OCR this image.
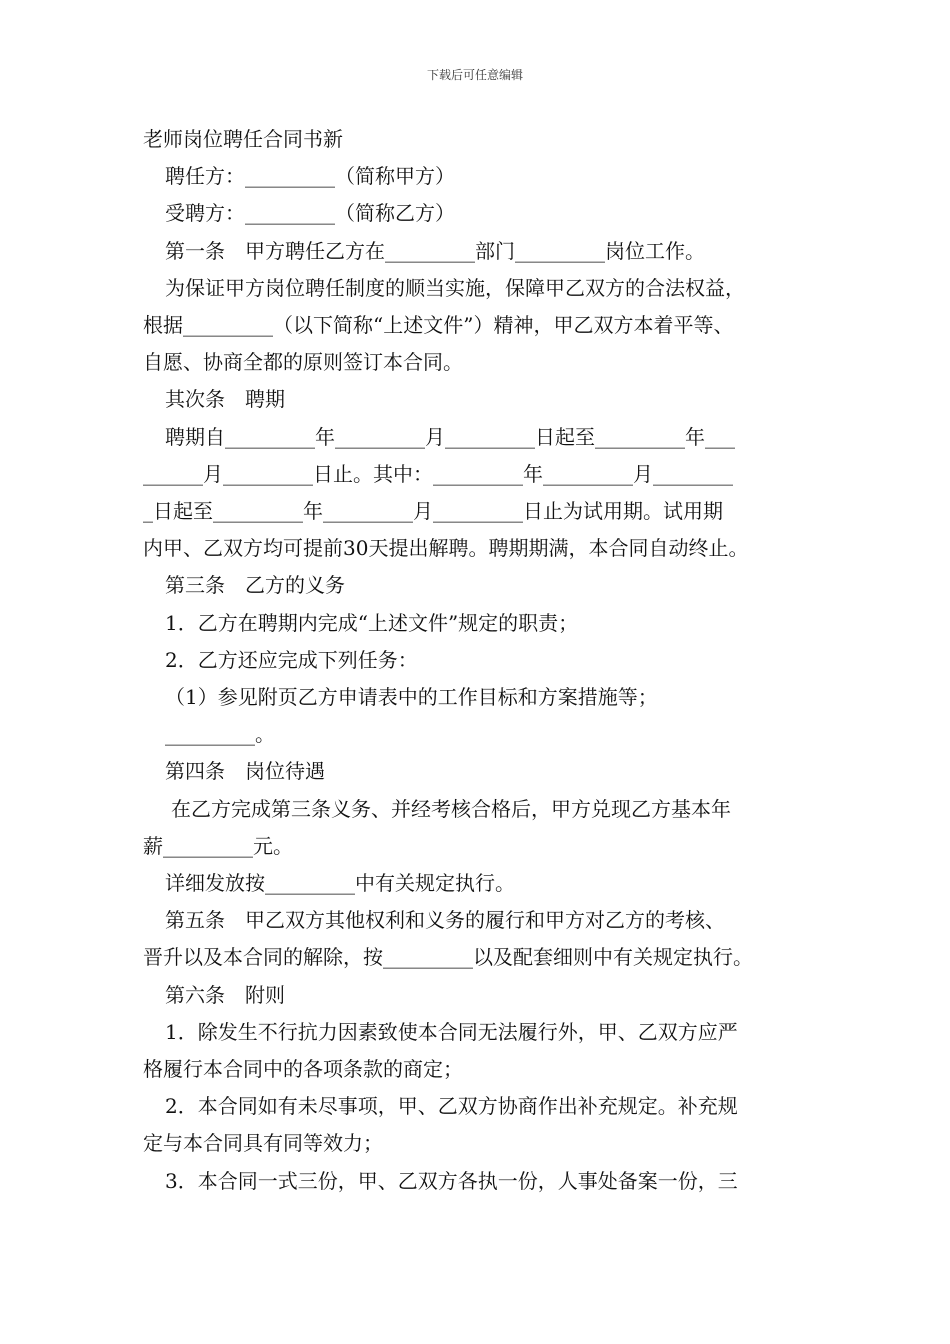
下载后可任意编辑

老师岗位聘任合同书新

聘任方：_________（简称甲方）

受聘方：_________（简称乙方）

第一条　甲方聘任乙方在_________部门_________岗位工作。

为保证甲方岗位聘任制度的顺当实施，保障甲乙双方的合法权益，

根据_________（以下简称“上述文件”）精神，甲乙双方本着平等、

自愿、协商全都的原则签订本合同。

其次条　聘期

聘期自_________年_________月_________日起至_________年___

______月_________日止。其中：_________年_________月________

_日起至_________年_________月_________日止为试用期。试用期

内甲、乙双方均可提前30天提出解聘。聘期期满，本合同自动终止。

第三条　乙方的义务

1．乙方在聘期内完成“上述文件”规定的职责；

2．乙方还应完成下列任务：

（1）参见附页乙方申请表中的工作目标和方案措施等；

_________。

第四条　岗位待遇

在乙方完成第三条义务、并经考核合格后，甲方兑现乙方基本年

薪_________元。

详细发放按_________中有关规定执行。

第五条　甲乙双方其他权利和义务的履行和甲方对乙方的考核、

晋升以及本合同的解除，按_________以及配套细则中有关规定执行。

第六条　附则

1．除发生不行抗力因素致使本合同无法履行外，甲、乙双方应严

格履行本合同中的各项条款的商定；

2．本合同如有未尽事项，甲、乙双方协商作出补充规定。补充规

定与本合同具有同等效力；

3．本合同一式三份，甲、乙双方各执一份，人事处备案一份，三
